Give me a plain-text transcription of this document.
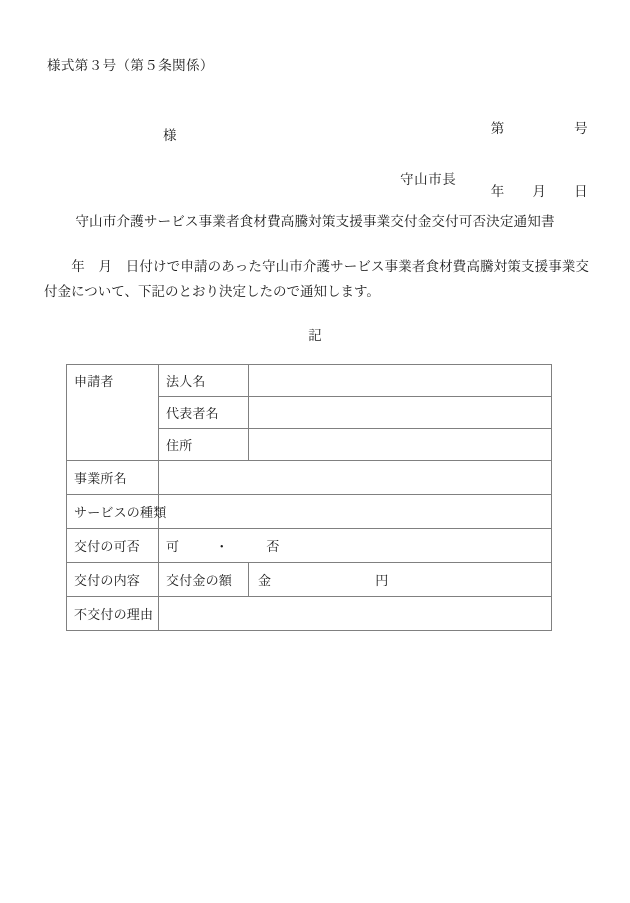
様式第３号（第５条関係）

第　　　　　号

年　　月　　日

様
守山市長
守山市介護サービス事業者食材費高騰対策支援事業交付金交付可否決定通知書
　　年　月　日付けで申請のあった守山市介護サービス事業者食材費高騰対策支援事業交付金について、下記のとおり決定したので通知します。
記
申請者	法人名	
	代表者名	
	住所	
事業所名		
サービスの種類		
交付の可否	可 ・ 否	
交付の内容	交付金の額	金 円
不交付の理由		
